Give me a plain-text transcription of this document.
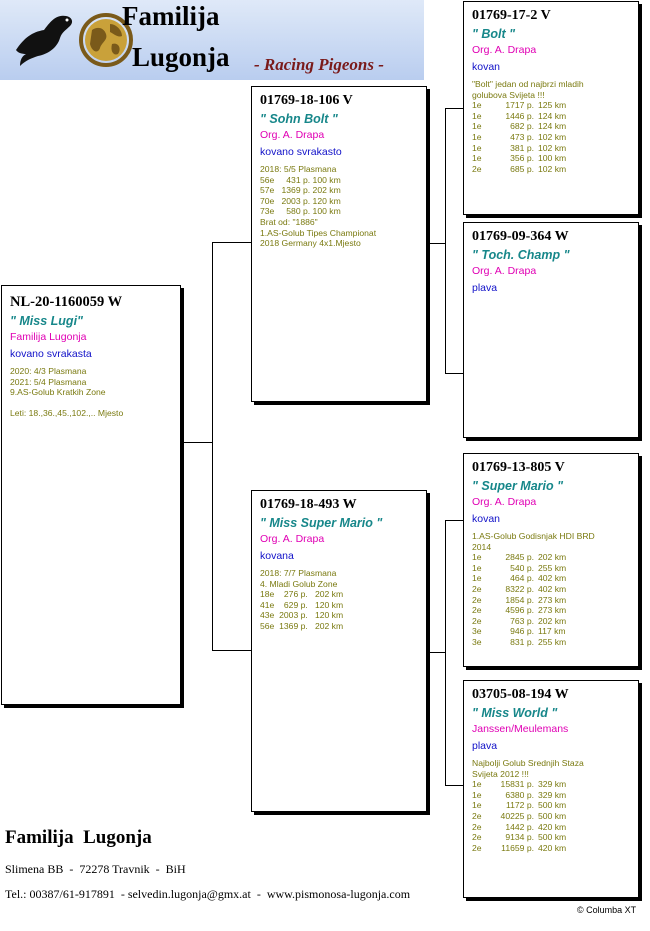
Familija
Lugonja - Racing Pigeons -
NL-20-1160059 W
" Miss Lugi"
Familija Lugonja
kovano svrakasta
2020: 4/3 Plasmana
2021: 5/4 Plasmana
9.AS-Golub Kratkih Zone
Leti: 18.,36.,45.,102.,.. Mjesto
01769-18-106 V
" Sohn Bolt "
Org. A. Drapa
kovano svrakasto
2018: 5/5 Plasmana
56e     431 p. 100 km
57e   1369 p. 202 km
70e   2003 p. 120 km
73e     580 p. 100 km
Brat od: "1886"
1.AS-Golub Tipes Championat
2018 Germany 4x1.Mjesto
01769-18-493 W
" Miss Super Mario "
Org. A. Drapa
kovana
2018: 7/7 Plasmana
4. Mladi Golub Zone
18e    276 p.   202 km
41e    629 p.   120 km
43e  2003 p.   120 km
56e  1369 p.   202 km
01769-17-2 V
" Bolt "
Org. A. Drapa
kovan
"Bolt" jedan od najbrzi mladih
golubova Svijeta !!!
1e	1717 p. 125 km
1e	1446 p. 124 km
1e	682 p. 124 km
1e	473 p. 102 km
1e	381 p. 102 km
1e	356 p. 100 km
2e	685 p. 102 km
01769-09-364 W
" Toch. Champ "
Org. A. Drapa
plava
01769-13-805 V
" Super Mario "
Org. A. Drapa
kovan
1.AS-Golub Godisnjak HDI BRD
2014
1e	2845 p. 202 km
1e	540 p. 255 km
1e	464 p. 402 km
2e	8322 p. 402 km
2e	1854 p. 273 km
2e	4596 p. 273 km
2e	763 p. 202 km
3e	946 p. 117 km
3e	831 p. 255 km
03705-08-194 W
" Miss World "
Janssen/Meulemans
plava
Najbolji Golub Srednjih Staza
Svijeta 2012 !!!
1e	15831 p. 329 km
1e	6380 p. 329 km
1e	1172 p. 500 km
2e	40225 p. 500 km
2e	1442 p. 420 km
2e	9134 p. 500 km
2e	11659 p. 420 km
Familija  Lugonja
Slimena BB  -  72278 Travnik  -  BiH
Tel.: 00387/61-917891  - selvedin.lugonja@gmx.at  -  www.pismonosa-lugonja.com
© Columba XT
